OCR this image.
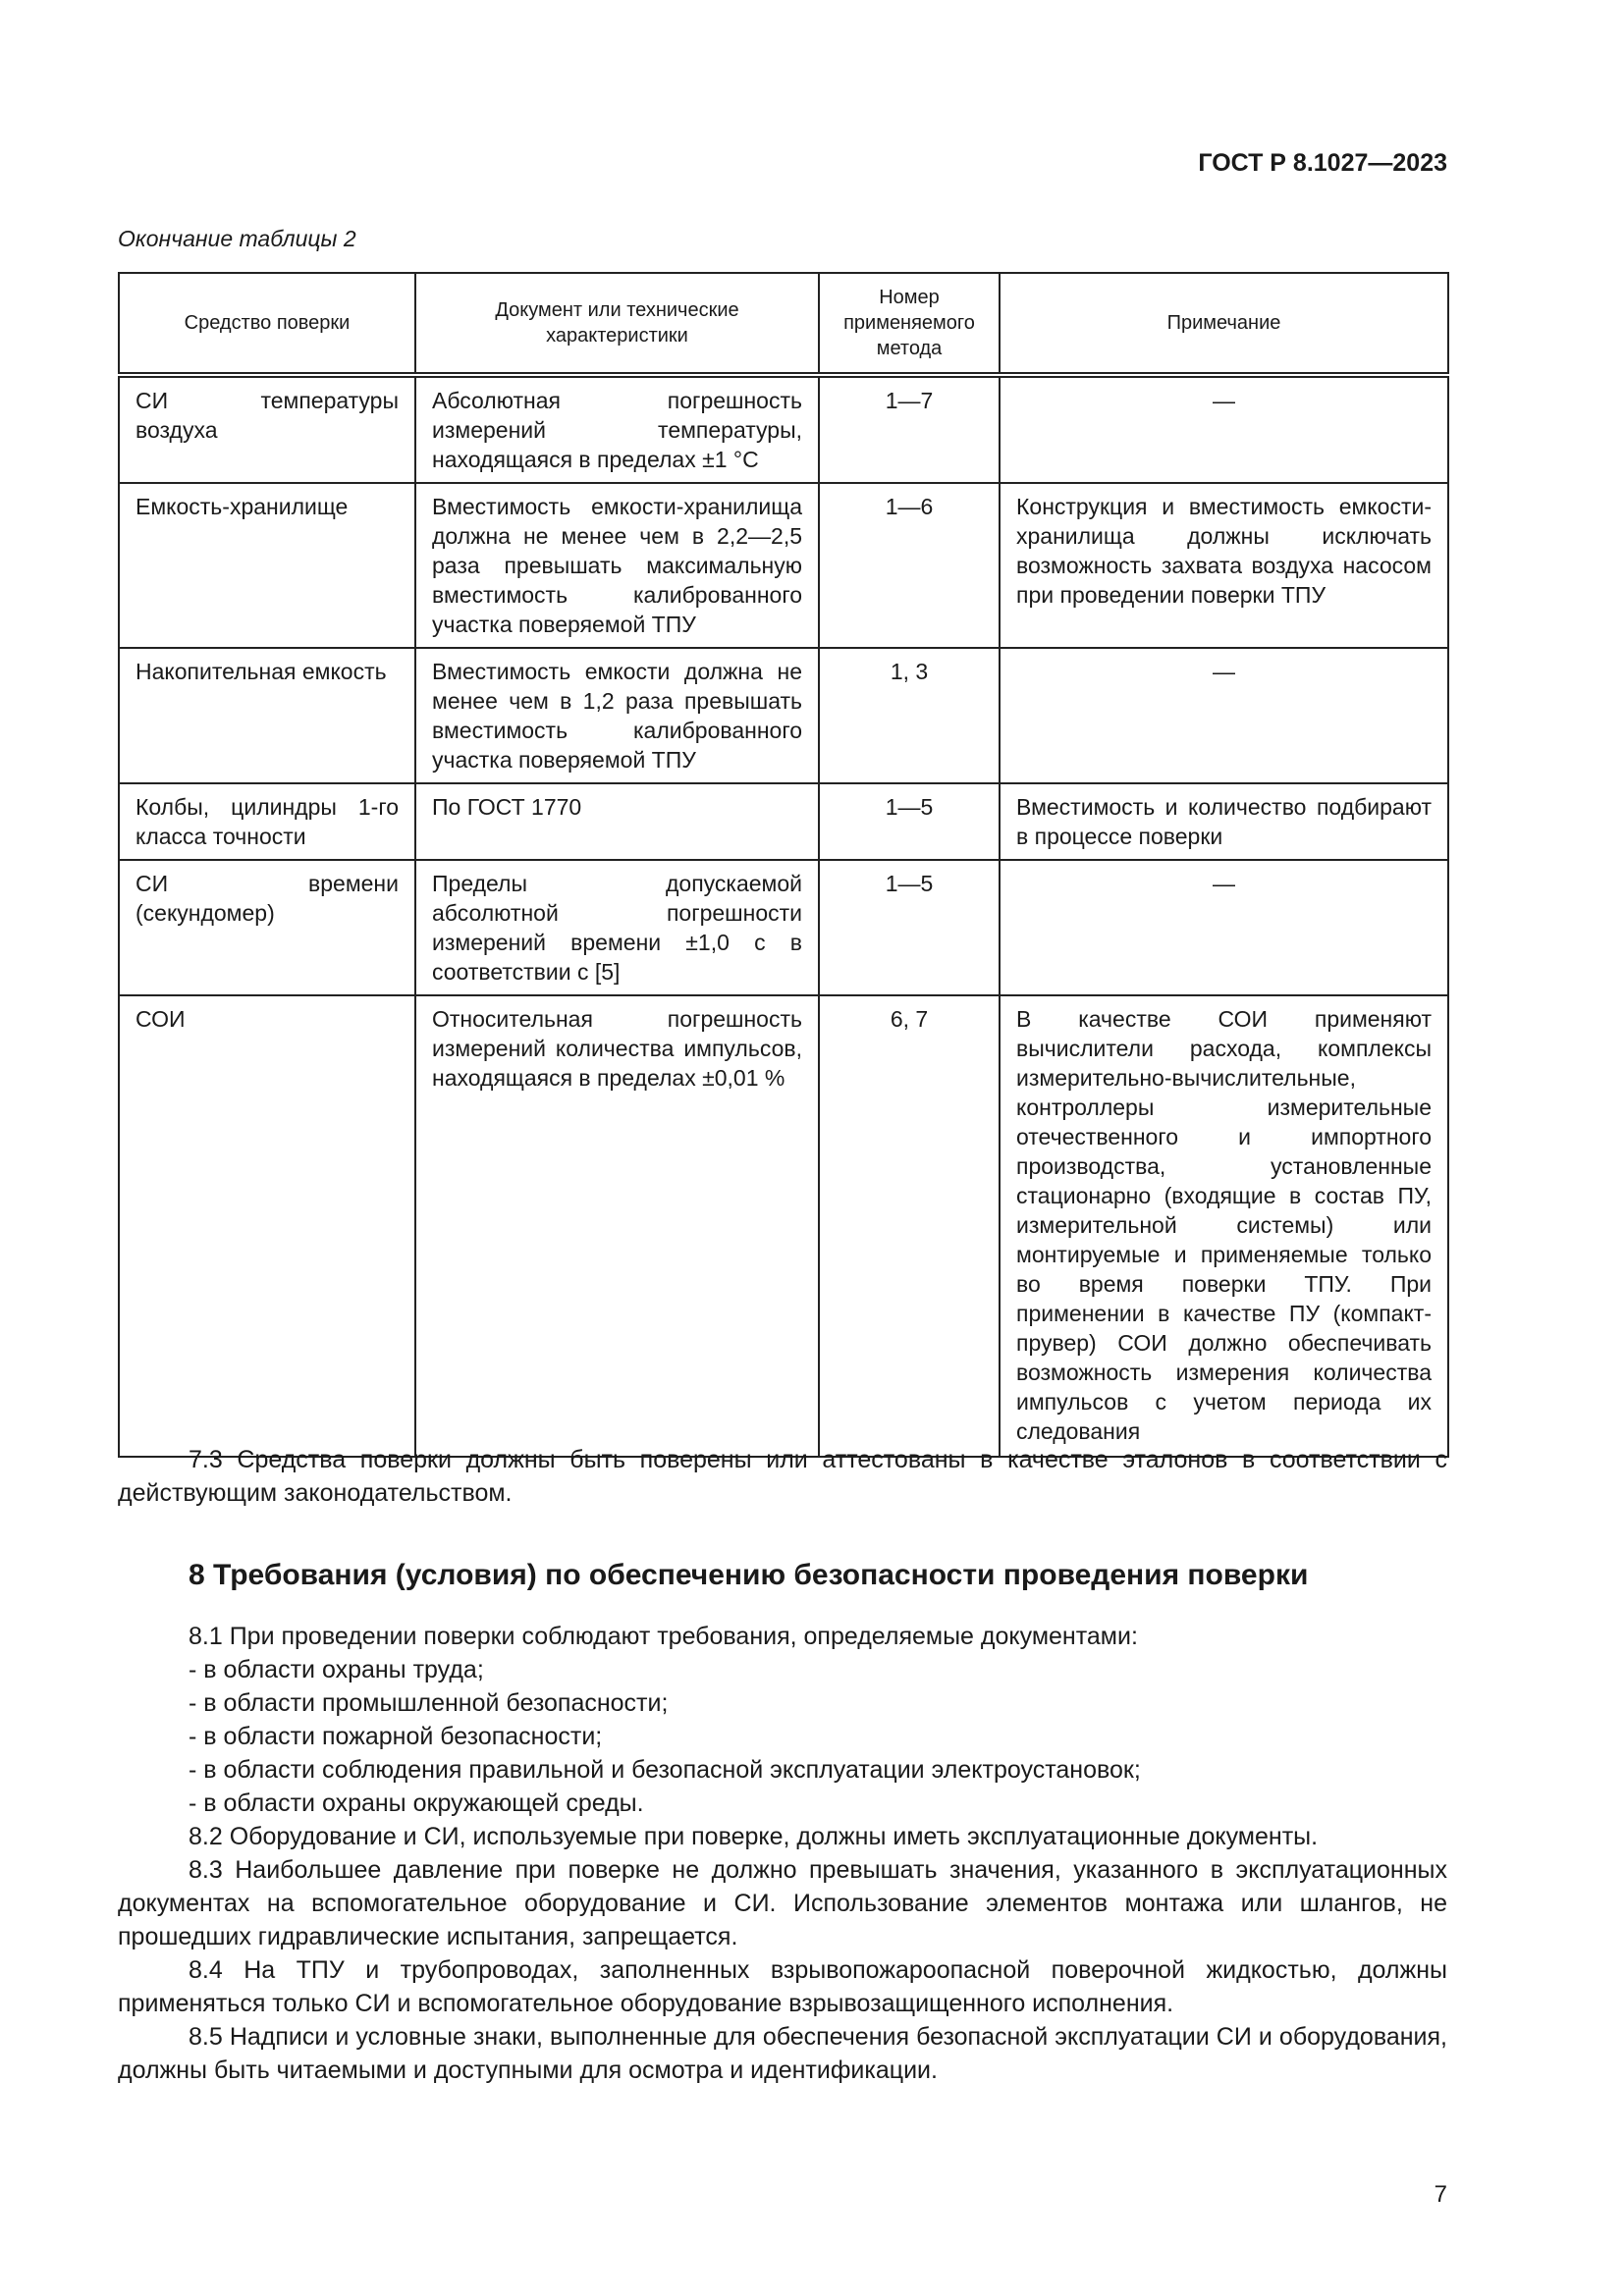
ГОСТ Р 8.1027—2023
Окончание таблицы 2
Средство поверки	Документ или технические характеристики	Номер применяемого метода	Примечание
СИ температуры воздуха	Абсолютная погрешность измерений температуры, находящаяся в пределах ±1 °C	1—7	—
Емкость-хранилище	Вместимость емкости-хранилища должна не менее чем в 2,2—2,5 раза превышать максимальную вместимость калиброванного участка поверяемой ТПУ	1—6	Конструкция и вместимость емкости-хранилища должны исключать возможность захвата воздуха насосом при проведении поверки ТПУ
Накопительная емкость	Вместимость емкости должна не менее чем в 1,2 раза превышать вместимость калиброванного участка поверяемой ТПУ	1, 3	—
Колбы, цилиндры 1-го класса точности	По ГОСТ 1770	1—5	Вместимость и количество подбирают в процессе поверки
СИ времени (секундомер)	Пределы допускаемой абсолютной погрешности измерений времени ±1,0 с в соответствии с [5]	1—5	—
СОИ	Относительная погрешность измерений количества импульсов, находящаяся в пределах ±0,01 %	6, 7	В качестве СОИ применяют вычислители расхода, комплексы измерительно-вычислительные, контроллеры измерительные отечественного и импортного производства, установленные стационарно (входящие в состав ПУ, измерительной системы) или монтируемые и применяемые только во время поверки ТПУ. При применении в качестве ПУ (компакт-прувер) СОИ должно обеспечивать возможность измерения количества импульсов с учетом периода их следования

7.3 Средства поверки должны быть поверены или аттестованы в качестве эталонов в соответствии с действующим законодательством.

8 Требования (условия) по обеспечению безопасности проведения поверки

8.1 При проведении поверки соблюдают требования, определяемые документами:

- в области охраны труда;

- в области промышленной безопасности;

- в области пожарной безопасности;

- в области соблюдения правильной и безопасной эксплуатации электроустановок;

- в области охраны окружающей среды.

8.2 Оборудование и СИ, используемые при поверке, должны иметь эксплуатационные документы.

8.3 Наибольшее давление при поверке не должно превышать значения, указанного в эксплуатационных документах на вспомогательное оборудование и СИ. Использование элементов монтажа или шлангов, не прошедших гидравлические испытания, запрещается.

8.4 На ТПУ и трубопроводах, заполненных взрывопожароопасной поверочной жидкостью, должны применяться только СИ и вспомогательное оборудование взрывозащищенного исполнения.

8.5 Надписи и условные знаки, выполненные для обеспечения безопасной эксплуатации СИ и оборудования, должны быть читаемыми и доступными для осмотра и идентификации.

7
